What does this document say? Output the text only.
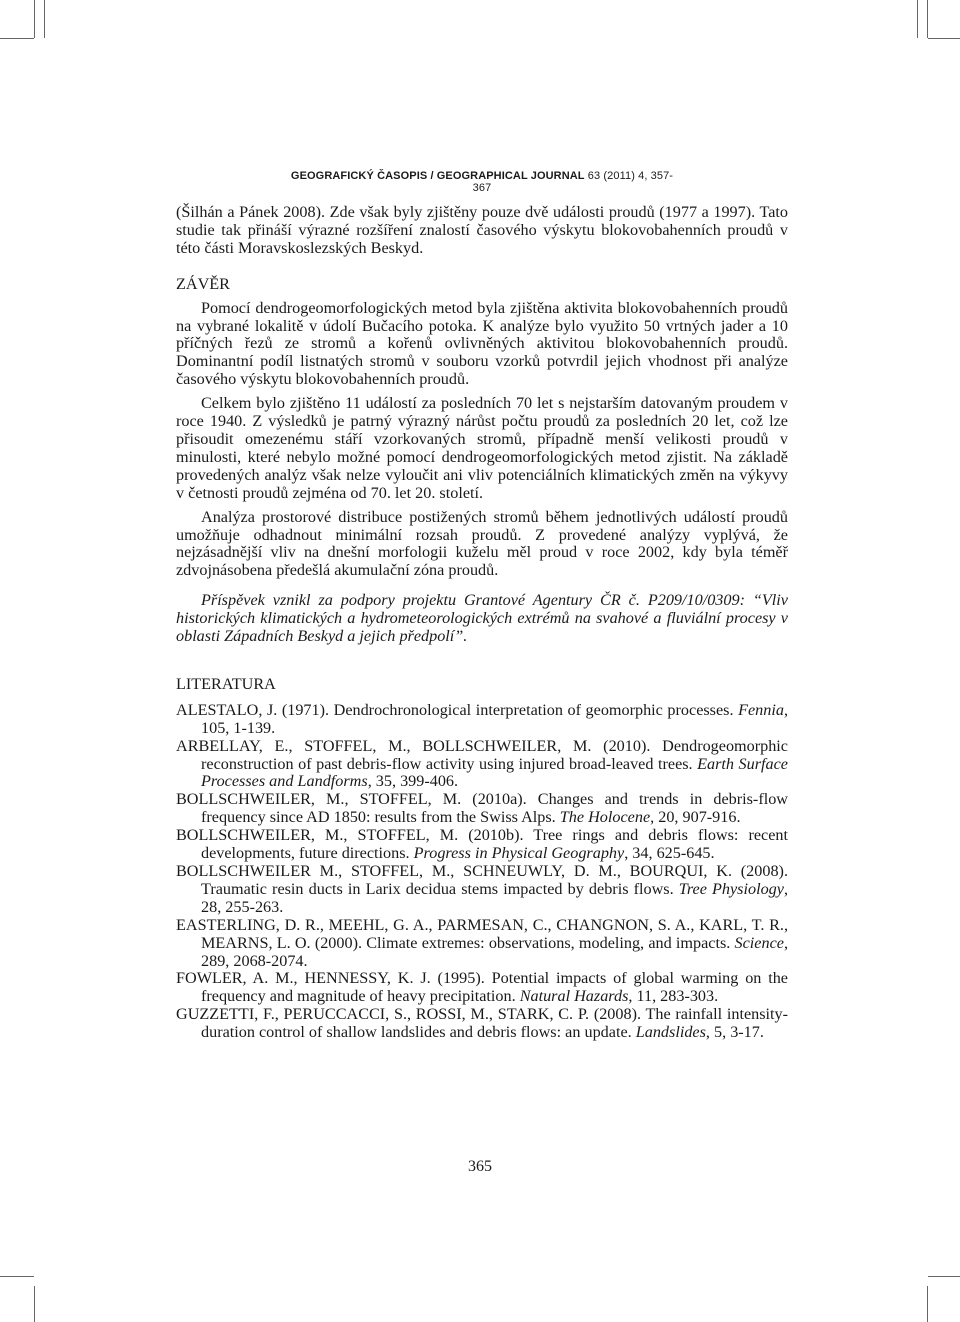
GEOGRAFICKÝ ČASOPIS / GEOGRAPHICAL JOURNAL 63 (2011) 4, 357-367

(Šilhán a Pánek 2008). Zde však byly zjištěny pouze dvě události proudů (1977 a 1997). Tato studie tak přináší výrazné rozšíření znalostí časového výskytu blokovobahenních proudů v této části Moravskoslezských Beskyd.

ZÁVĚR

Pomocí dendrogeomorfologických metod byla zjištěna aktivita blokovobahenních proudů na vybrané lokalitě v údolí Bučacího potoka. K analýze bylo využito 50 vrtných jader a 10 příčných řezů ze stromů a kořenů ovlivněných aktivitou blokovobahenních proudů. Dominantní podíl listnatých stromů v souboru vzorků potvrdil jejich vhodnost při analýze časového výskytu blokovobahenních proudů.

Celkem bylo zjištěno 11 událostí za posledních 70 let s nejstarším datovaným proudem v roce 1940. Z výsledků je patrný výrazný nárůst počtu proudů za posledních 20 let, což lze přisoudit omezenému stáří vzorkovaných stromů, případně menší velikosti proudů v minulosti, které nebylo možné pomocí dendrogeomorfologických metod zjistit. Na základě provedených analýz však nelze vyloučit ani vliv potenciálních klimatických změn na výkyvy v četnosti proudů zejména od 70. let 20. století.

Analýza prostorové distribuce postižených stromů během jednotlivých událostí proudů umožňuje odhadnout minimální rozsah proudů. Z provedené analýzy vyplývá, že nejzásadnější vliv na dnešní morfologii kuželu měl proud v roce 2002, kdy byla téměř zdvojnásobena předešlá akumulační zóna proudů.

Příspěvek vznikl za podpory projektu Grantové Agentury ČR č. P209/10/0309: “Vliv historických klimatických a hydrometeorologických extrémů na svahové a fluviální procesy v oblasti Západních Beskyd a jejich předpolí”.

LITERATURA

ALESTALO, J. (1971). Dendrochronological interpretation of geomorphic processes. Fennia, 105, 1-139.

ARBELLAY, E., STOFFEL, M., BOLLSCHWEILER, M. (2010). Dendrogeomorphic reconstruction of past debris-flow activity using injured broad-leaved trees. Earth Surface Processes and Landforms, 35, 399-406.

BOLLSCHWEILER, M., STOFFEL, M. (2010a). Changes and trends in debris-flow frequency since AD 1850: results from the Swiss Alps. The Holocene, 20, 907-916.

BOLLSCHWEILER, M., STOFFEL, M. (2010b). Tree rings and debris flows: recent developments, future directions. Progress in Physical Geography, 34, 625-645.

BOLLSCHWEILER M., STOFFEL, M., SCHNEUWLY, D. M., BOURQUI, K. (2008). Traumatic resin ducts in Larix decidua stems impacted by debris flows. Tree Physiology, 28, 255-263.

EASTERLING, D. R., MEEHL, G. A., PARMESAN, C., CHANGNON, S. A., KARL, T. R., MEARNS, L. O. (2000). Climate extremes: observations, modeling, and impacts. Science, 289, 2068-2074.

FOWLER, A. M., HENNESSY, K. J. (1995). Potential impacts of global warming on the frequency and magnitude of heavy precipitation. Natural Hazards, 11, 283-303.

GUZZETTI, F., PERUCCACCI, S., ROSSI, M., STARK, C. P. (2008). The rainfall intensity-duration control of shallow landslides and debris flows: an update. Landslides, 5, 3-17.

365
